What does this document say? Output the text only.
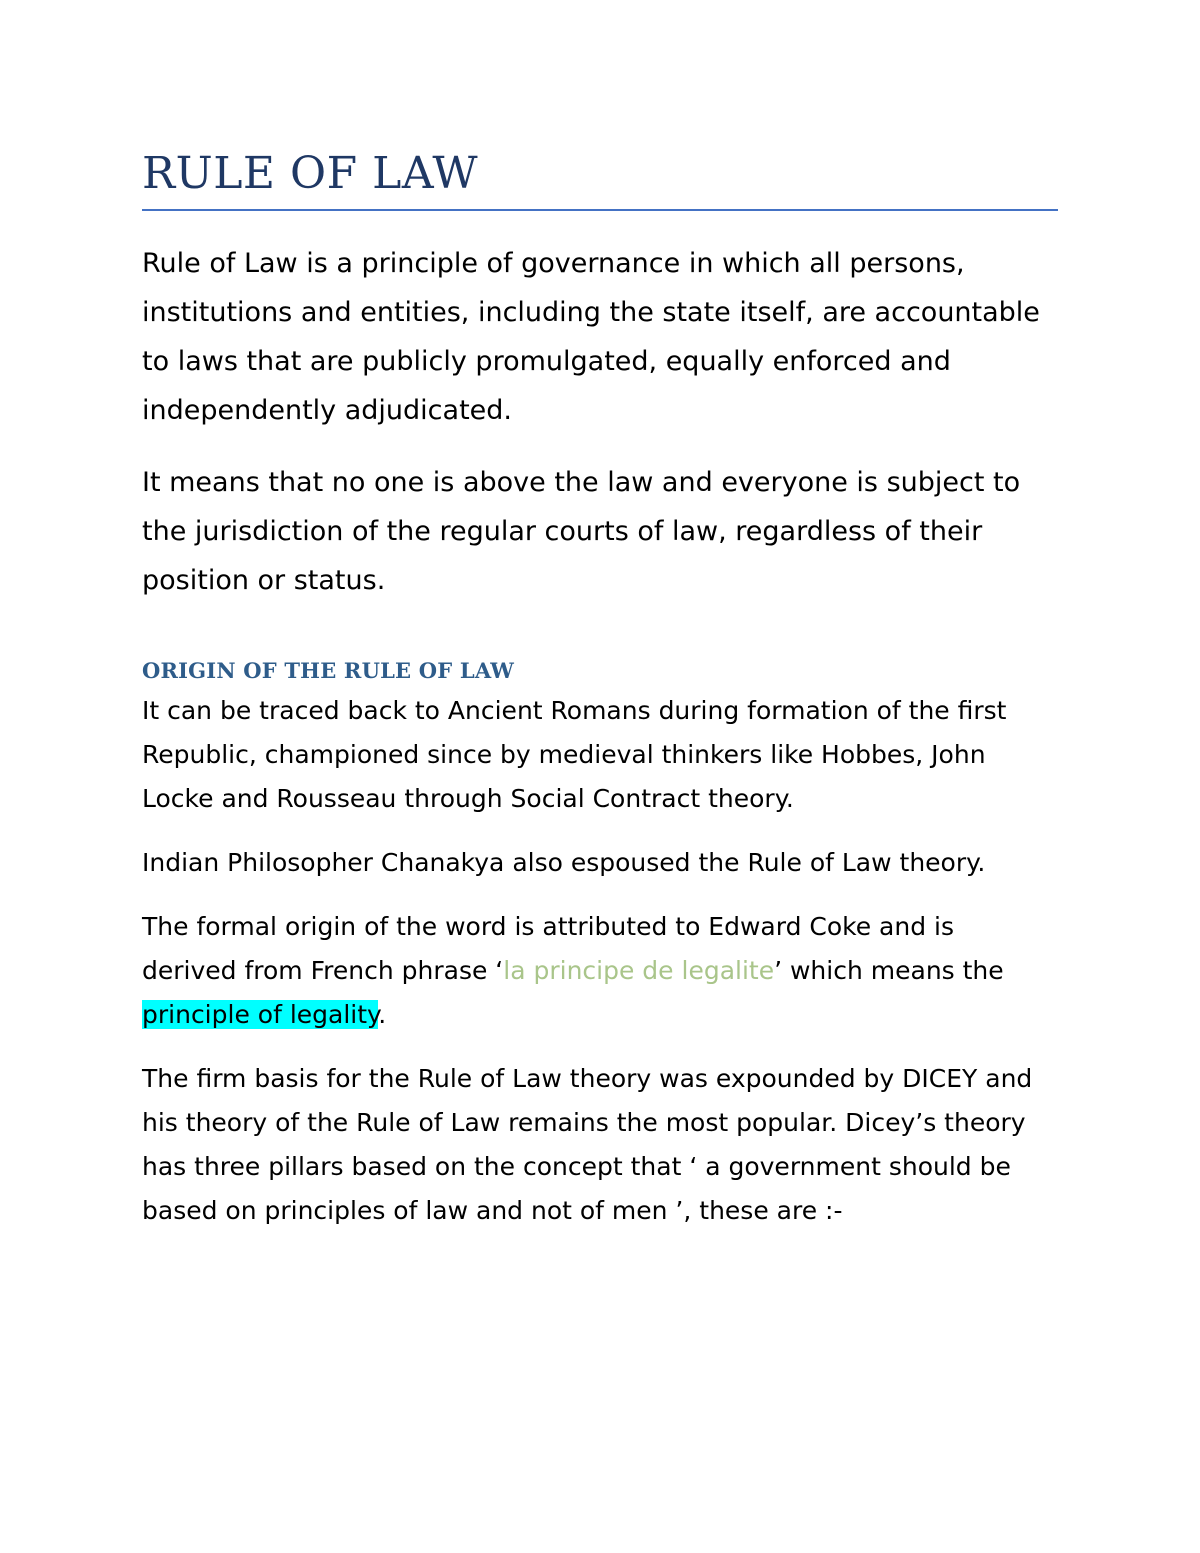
RULE OF LAW

Rule of Law is a principle of governance in which all persons, institutions and entities, including the state itself, are accountable to laws that are publicly promulgated, equally enforced and independently adjudicated.

It means that no one is above the law and everyone is subject to the jurisdiction of the regular courts of law, regardless of their position or status.

ORIGIN OF THE RULE OF LAW

It can be traced back to Ancient Romans during formation of the first Republic, championed since by medieval thinkers like Hobbes, John Locke and Rousseau through Social Contract theory.

Indian Philosopher Chanakya also espoused the Rule of Law theory.

The formal origin of the word is attributed to Edward Coke and is derived from French phrase ‘la principe de legalite’ which means the principle of legality.

The firm basis for the Rule of Law theory was expounded by DICEY and his theory of the Rule of Law remains the most popular. Dicey’s theory has three pillars based on the concept that ‘ a government should be based on principles of law and not of men ’, these are :-
